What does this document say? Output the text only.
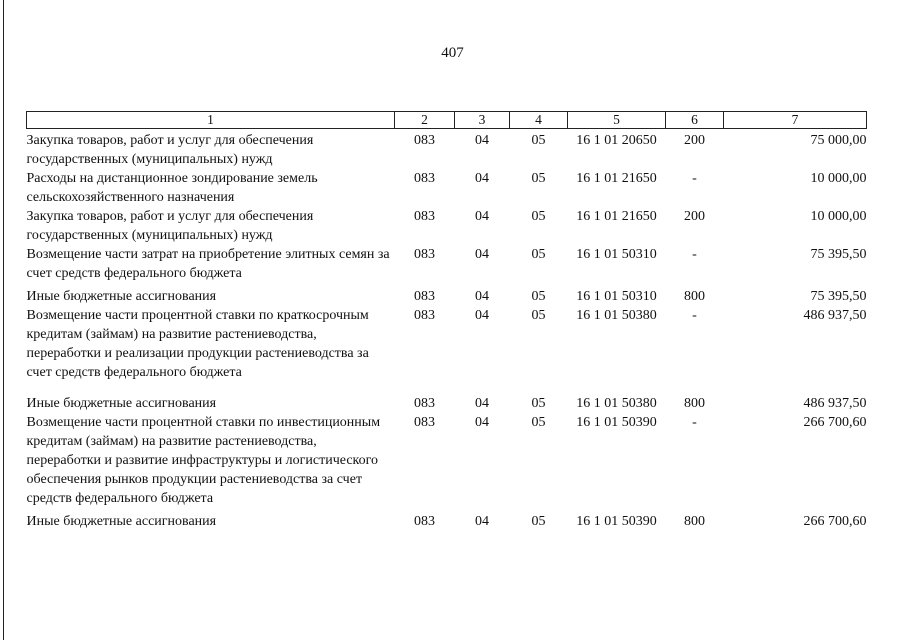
407
1	2	3	4	5	6	7
Закупка товаров, работ и услуг для обеспечения государственных (муниципальных) нужд	083	04	05	16 1 01 20650	200	75 000,00
Расходы на дистанционное зондирование земель сельскохозяйственного назначения	083	04	05	16 1 01 21650	-	10 000,00
Закупка товаров, работ и услуг для обеспечения государственных (муниципальных) нужд	083	04	05	16 1 01 21650	200	10 000,00
Возмещение части затрат на приобретение элитных семян за счет средств федерального бюджета	083	04	05	16 1 01 50310	-	75 395,50
Иные бюджетные ассигнования	083	04	05	16 1 01 50310	800	75 395,50
Возмещение части процентной ставки по краткосрочным кредитам (займам) на развитие растениеводства, переработки и реализации продукции растениеводства за счет средств федерального бюджета	083	04	05	16 1 01 50380	-	486 937,50
Иные бюджетные ассигнования	083	04	05	16 1 01 50380	800	486 937,50
Возмещение части процентной ставки по инвестиционным кредитам (займам) на развитие растениеводства, переработки и развитие инфраструктуры и логистического обеспечения рынков продукции растениеводства за счет средств федерального бюджета	083	04	05	16 1 01 50390	-	266 700,60
Иные бюджетные ассигнования	083	04	05	16 1 01 50390	800	266 700,60
